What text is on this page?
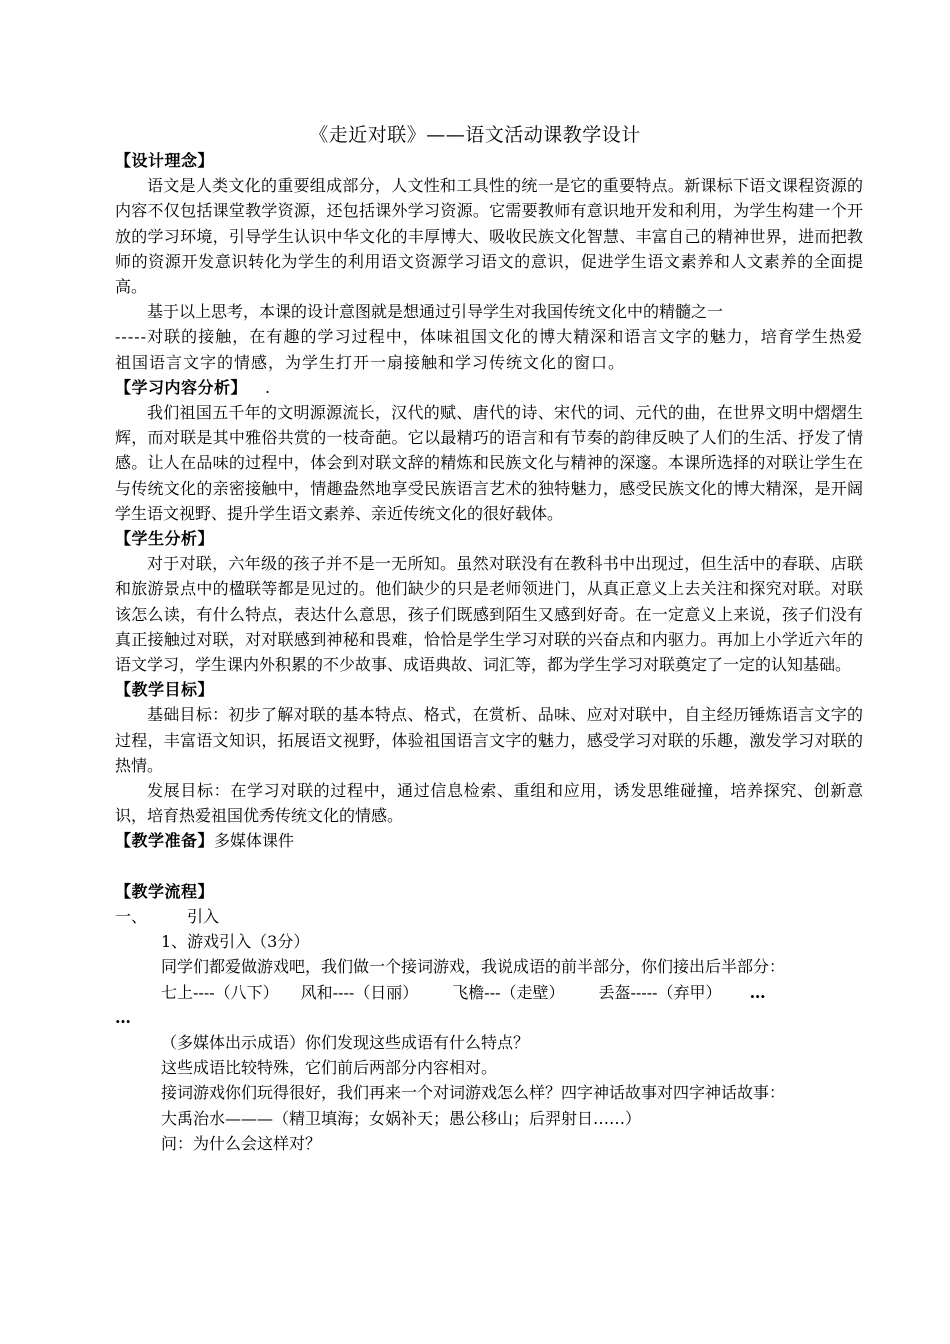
《走近对联》——语文活动课教学设计

【设计理念】

语文是人类文化的重要组成部分，人文性和工具性的统一是它的重要特点。新课标下语文课程资源的内容不仅包括课堂教学资源，还包括课外学习资源。它需要教师有意识地开发和利用，为学生构建一个开放的学习环境，引导学生认识中华文化的丰厚博大、吸收民族文化智慧、丰富自己的精神世界，进而把教师的资源开发意识转化为学生的利用语文资源学习语文的意识，促进学生语文素养和人文素养的全面提高。

基于以上思考，本课的设计意图就是想通过引导学生对我国传统文化中的精髓之一

-----对联的接触，在有趣的学习过程中，体味祖国文化的博大精深和语言文字的魅力，培育学生热爱祖国语言文字的情感，为学生打开一扇接触和学习传统文化的窗口。

【学习内容分析】 .

我们祖国五千年的文明源源流长，汉代的赋、唐代的诗、宋代的词、元代的曲，在世界文明中熠熠生辉，而对联是其中雅俗共赏的一枝奇葩。它以最精巧的语言和有节奏的韵律反映了人们的生活、抒发了情感。让人在品味的过程中，体会到对联文辞的精炼和民族文化与精神的深邃。本课所选择的对联让学生在与传统文化的亲密接触中，情趣盎然地享受民族语言艺术的独特魅力，感受民族文化的博大精深，是开阔学生语文视野、提升学生语文素养、亲近传统文化的很好载体。

【学生分析】

对于对联，六年级的孩子并不是一无所知。虽然对联没有在教科书中出现过，但生活中的春联、店联和旅游景点中的楹联等都是见过的。他们缺少的只是老师领进门，从真正意义上去关注和探究对联。对联该怎么读，有什么特点，表达什么意思，孩子们既感到陌生又感到好奇。在一定意义上来说，孩子们没有真正接触过对联，对对联感到神秘和畏难，恰恰是学生学习对联的兴奋点和内驱力。再加上小学近六年的语文学习，学生课内外积累的不少故事、成语典故、词汇等，都为学生学习对联奠定了一定的认知基础。

【教学目标】

基础目标：初步了解对联的基本特点、格式，在赏析、品味、应对对联中，自主经历锤炼语言文字的过程，丰富语文知识，拓展语文视野，体验祖国语言文字的魅力，感受学习对联的乐趣，激发学习对联的热情。

发展目标：在学习对联的过程中，通过信息检索、重组和应用，诱发思维碰撞，培养探究、创新意识，培育热爱祖国优秀传统文化的情感。

【教学准备】多媒体课件

【教学流程】

一、	引入

1、游戏引入（3分）

同学们都爱做游戏吧，我们做一个接词游戏，我说成语的前半部分，你们接出后半部分：

七上----（八下） 风和----（日丽） 飞檐---（走壁） 丢盔-----（弃甲） …

…

（多媒体出示成语）你们发现这些成语有什么特点？

这些成语比较特殊，它们前后两部分内容相对。

接词游戏你们玩得很好，我们再来一个对词游戏怎么样？四字神话故事对四字神话故事：

大禹治水———（精卫填海；女娲补天；愚公移山；后羿射日……）

问：为什么会这样对？
